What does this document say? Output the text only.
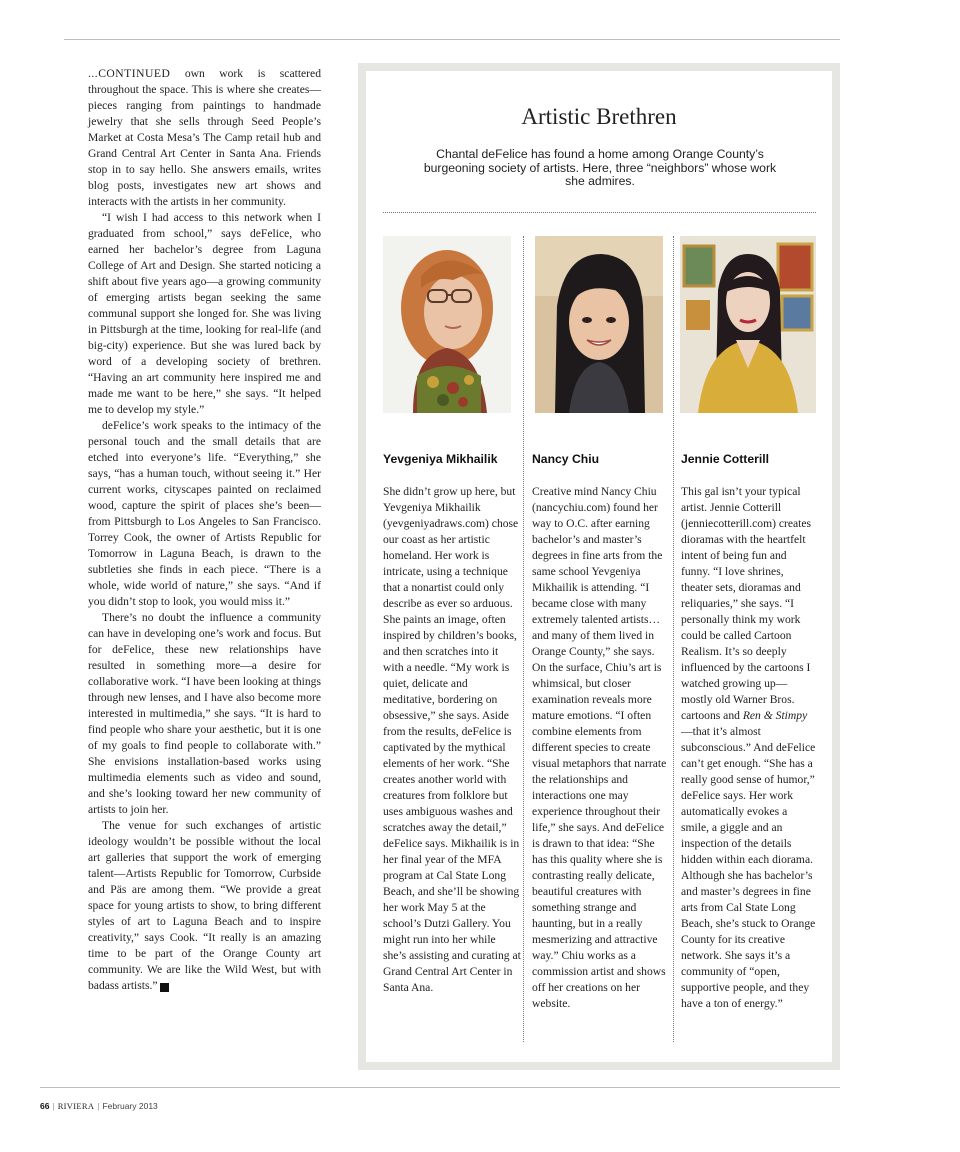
...CONTINUED own work is scattered throughout the space. This is where she creates—pieces ranging from paintings to handmade jewelry that she sells through Seed People’s Market at Costa Mesa’s The Camp retail hub and Grand Central Art Center in Santa Ana. Friends stop in to say hello. She answers emails, writes blog posts, investigates new art shows and interacts with the artists in her community.

“I wish I had access to this network when I graduated from school,” says deFelice, who earned her bachelor’s degree from Laguna College of Art and Design. She started noticing a shift about five years ago—a growing community of emerging artists began seeking the same communal support she longed for. She was living in Pittsburgh at the time, looking for real-life (and big-city) experience. But she was lured back by word of a developing society of brethren. “Having an art community here inspired me and made me want to be here,” she says. “It helped me to develop my style.”

deFelice’s work speaks to the intimacy of the personal touch and the small details that are etched into everyone’s life. “Everything,” she says, “has a human touch, without seeing it.” Her current works, cityscapes painted on reclaimed wood, capture the spirit of places she’s been—from Pittsburgh to Los Angeles to San Francisco. Torrey Cook, the owner of Artists Republic for Tomorrow in Laguna Beach, is drawn to the subtleties she finds in each piece. “There is a whole, wide world of nature,” she says. “And if you didn’t stop to look, you would miss it.”

There’s no doubt the influence a community can have in developing one’s work and focus. But for deFelice, these new relationships have resulted in something more—a desire for collaborative work. “I have been looking at things through new lenses, and I have also become more interested in multimedia,” she says. “It is hard to find people who share your aesthetic, but it is one of my goals to find people to collaborate with.” She envisions installation-based works using multimedia elements such as video and sound, and she’s looking toward her new community of artists to join her.

The venue for such exchanges of artistic ideology wouldn’t be possible without the local art galleries that support the work of emerging talent—Artists Republic for Tomorrow, Curbside and Päs are among them. “We provide a great space for young artists to show, to bring different styles of art to Laguna Beach and to inspire creativity,” says Cook. “It really is an amazing time to be part of the Orange County art community. We are like the Wild West, but with badass artists.” R

Artistic Brethren

Chantal deFelice has found a home among Orange County’s burgeoning society of artists. Here, three “neighbors” whose work she admires.

Yevgeniya Mikhailik	Nancy Chiu	Jennie Cotterill

She didn’t grow up here, but Yevgeniya Mikhailik (yevgeniyadraws.com) chose our coast as her artistic homeland. Her work is intricate, using a technique that a nonartist could only describe as ever so arduous. She paints an image, often inspired by children’s books, and then scratches into it with a needle. “My work is quiet, delicate and meditative, bordering on obsessive,” she says. Aside from the results, deFelice is captivated by the mythical elements of her work. “She creates another world with creatures from folklore but uses ambiguous washes and scratches away the detail,” deFelice says. Mikhailik is in her final year of the MFA program at Cal State Long Beach, and she’ll be showing her work May 5 at the school’s Dutzi Gallery. You might run into her while she’s assisting and curating at Grand Central Art Center in Santa Ana.

Creative mind Nancy Chiu (nancychiu.com) found her way to O.C. after earning bachelor’s and master’s degrees in fine arts from the same school Yevgeniya Mikhailik is attending. “I became close with many extremely talented artists… and many of them lived in Orange County,” she says. On the surface, Chiu’s art is whimsical, but closer examination reveals more mature emotions. “I often combine elements from different species to create visual metaphors that narrate the relationships and interactions one may experience throughout their life,” she says. And deFelice is drawn to that idea: “She has this quality where she is contrasting really delicate, beautiful creatures with something strange and haunting, but in a really mesmerizing and attractive way.” Chiu works as a commission artist and shows off her creations on her website.

This gal isn’t your typical artist. Jennie Cotterill (jenniecotterill.com) creates dioramas with the heartfelt intent of being fun and funny. “I love shrines, theater sets, dioramas and reliquaries,” she says. “I personally think my work could be called Cartoon Realism. It’s so deeply influenced by the cartoons I watched growing up—mostly old Warner Bros. cartoons and Ren & Stimpy—that it’s almost subconscious.” And deFelice can’t get enough. “She has a really good sense of humor,” deFelice says. Her work automatically evokes a smile, a giggle and an inspection of the details hidden within each diorama. Although she has bachelor’s and master’s degrees in fine arts from Cal State Long Beach, she’s stuck to Orange County for its creative network. She says it’s a community of “open, supportive people, and they have a ton of energy.”

66 | RIVIERA | February 2013
